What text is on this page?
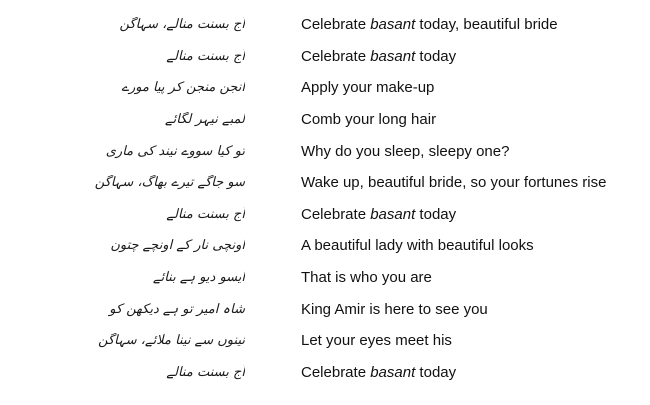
آج بسنت منالے، سہاگن	Celebrate basant today, beautiful bride
آج بسنت منالے	Celebrate basant today
انجن منجن کر پیا مورے	Apply your make-up
لمبے نیہر لگائے	Comb your long hair
تو کیا سووے نیند کی ماری	Why do you sleep, sleepy one?
سو جاگے تیرے بھاگ، سہاگن	Wake up, beautiful bride, so your fortunes rise
آج بسنت منالے	Celebrate basant today
اونچی نار کے اونچے چتون	A beautiful lady with beautiful looks
ایسو دیو ہے بنائے	That is who you are
شاہ امیر تو ہے دیکھن کو	King Amir is here to see you
نینوں سے نینا ملائے، سہاگن	Let your eyes meet his
آج بسنت منالے	Celebrate basant today
